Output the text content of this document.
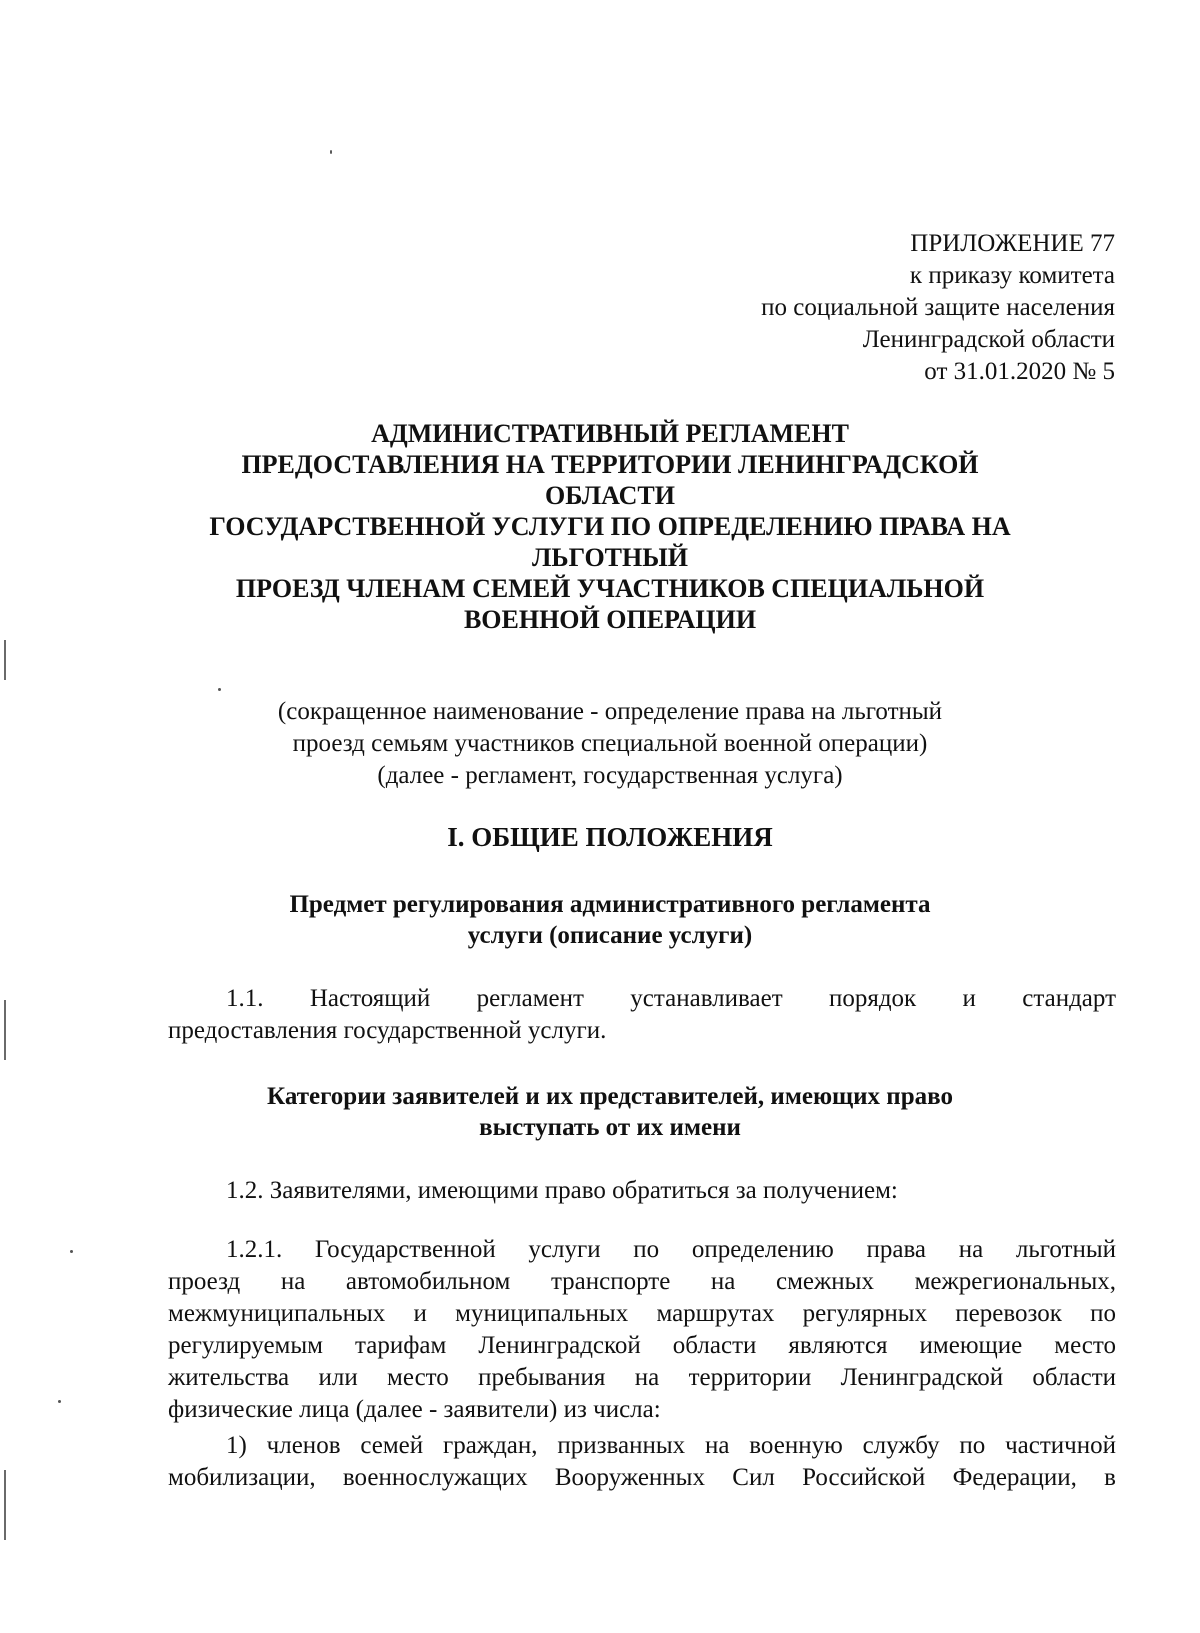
ПРИЛОЖЕНИЕ 77
к приказу комитета
по социальной защите населения
Ленинградской области
от 31.01.2020 № 5
АДМИНИСТРАТИВНЫЙ РЕГЛАМЕНТ
ПРЕДОСТАВЛЕНИЯ НА ТЕРРИТОРИИ ЛЕНИНГРАДСКОЙ
ОБЛАСТИ
ГОСУДАРСТВЕННОЙ УСЛУГИ ПО ОПРЕДЕЛЕНИЮ ПРАВА НА
ЛЬГОТНЫЙ
ПРОЕЗД ЧЛЕНАМ СЕМЕЙ УЧАСТНИКОВ СПЕЦИАЛЬНОЙ
ВОЕННОЙ ОПЕРАЦИИ
(сокращенное наименование - определение права на льготный
проезд семьям участников специальной военной операции)
(далее - регламент, государственная услуга)
I. ОБЩИЕ ПОЛОЖЕНИЯ
Предмет регулирования административного регламента
услуги (описание услуги)
1.1. Настоящий регламент устанавливает порядок и стандарт
предоставления государственной услуги.
Категории заявителей и их представителей, имеющих право
выступать от их имени
1.2. Заявителями, имеющими право обратиться за получением:
1.2.1. Государственной услуги по определению права на льготный
проезд на автомобильном транспорте на смежных межрегиональных,
межмуниципальных и муниципальных маршрутах регулярных перевозок по
регулируемым тарифам Ленинградской области являются имеющие место
жительства или место пребывания на территории Ленинградской области
физические лица (далее - заявители) из числа:
1) членов семей граждан, призванных на военную службу по частичной
мобилизации, военнослужащих Вооруженных Сил Российской Федерации, в
